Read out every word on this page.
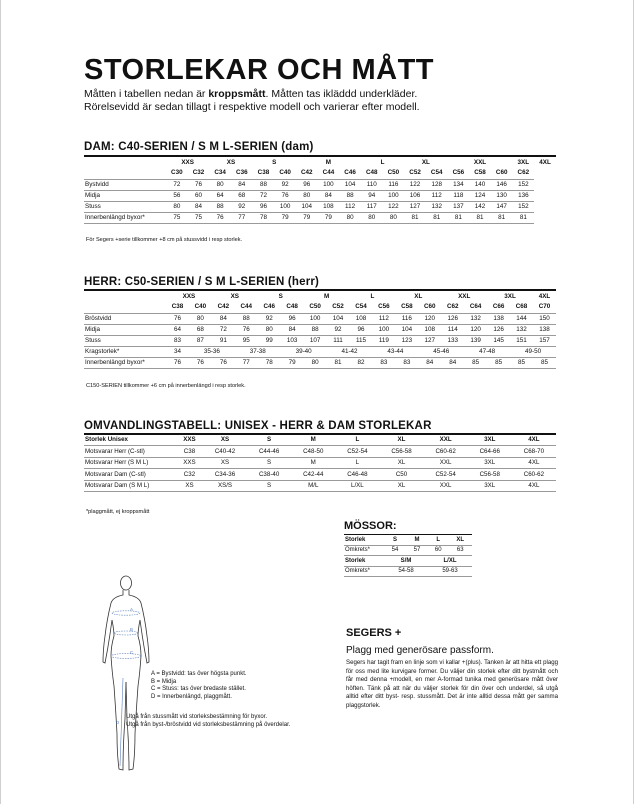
STORLEKAR OCH MÅTT
Måtten i tabellen nedan är kroppsmått. Måtten tas ikläddd underkläder.
Rörelsevidd är sedan tillagt i respektive modell och varierar efter modell.
DAM: C40-SERIEN / S M L-SERIEN (dam)
	XXS		XS		S		M			L		XL		XXL			3XL	4XL
	C30	C32	C34	C36	C38	C40	C42	C44	C46	C48	C50	C52	C54	C56	C58	C60	C62	
Bystvidd	72	76	80	84	88	92	96	100	104	110	116	122	128	134	140	146	152	
Midja	56	60	64	68	72	76	80	84	88	94	100	106	112	118	124	130	136	
Stuss	80	84	88	92	96	100	104	108	112	117	122	127	132	137	142	147	152	
Innerbenlängd byxor*	75	75	76	77	78	79	79	79	80	80	80	81	81	81	81	81	81	
För Segers +serie tillkommer +8 cm på stussvidd i resp storlek.
HERR: C50-SERIEN / S M L-SERIEN (herr)
	XXS		XS		S		M		L		XL		XXL		3XL		4XL
	C38	C40	C42	C44	C46	C48	C50	C52	C54	C56	C58	C60	C62	C64	C66	C68	C70
Bröstvidd	76	80	84	88	92	96	100	104	108	112	116	120	126	132	138	144	150
Midja	64	68	72	76	80	84	88	92	96	100	104	108	114	120	126	132	138
Stuss	83	87	91	95	99	103	107	111	115	119	123	127	133	139	145	151	157
Kragstorlek*	34	35-36		37-38		39-40		41-42		43-44		45-46		47-48		49-50	
Innerbenlängd byxor*	76	76	76	77	78	79	80	81	82	83	83	84	84	85	85	85	85
C150-SERIEN tillkommer +6 cm på innerbenlängd i resp storlek.
OMVANDLINGSTABELL: UNISEX - HERR & DAM STORLEKAR
Storlek Unisex	XXS	XS	S	M	L	XL	XXL	3XL	4XL
Motsvarar Herr (C-stl)	C38	C40-42	C44-46	C48-50	C52-54	C56-58	C60-62	C64-66	C68-70
Motsvarar Herr (S M L)	XXS	XS	S	M	L	XL	XXL	3XL	4XL
Motsvarar Dam (C-stl)	C32	C34-36	C38-40	C42-44	C46-48	C50	C52-54	C56-58	C60-62
Motsvarar Dam (S M L)	XS	XS/S	S	M/L	L/XL	XL	XXL	3XL	4XL
*plaggmått, ej kroppsmått
MÖSSOR:
Storlek	S	M	L	XL
Omkrets*	54	57	60	63
Storlek	S/M		L/XL	
Omkrets*	54-58		59-63	
SEGERS +
Plagg med generösare passform.
Segers har tagit fram en linje som vi kallar +(plus). Tanken är att hitta ett plagg för oss med lite kurvigare former. Du väljer din storlek efter ditt bystmått och får med denna +modell, en mer A-formad tunika med generösare mått över höften. Tänk på att när du väljer storlek för din över och underdel, så utgå alltid efter ditt byst- resp. stussmått. Det är inte alltid dessa mått ger samma plaggstorlek.
A
B
C
D
A = Bystvidd: tas över högsta punkt.
B = Midja
C = Stuss: tas över bredaste stället.
D = Innerbenlängd, plaggmått.
Utgå från stussmått vid storleksbestämning för byxor.
Utgå från byst-/bröstvidd vid storleksbestämning på överdelar.
